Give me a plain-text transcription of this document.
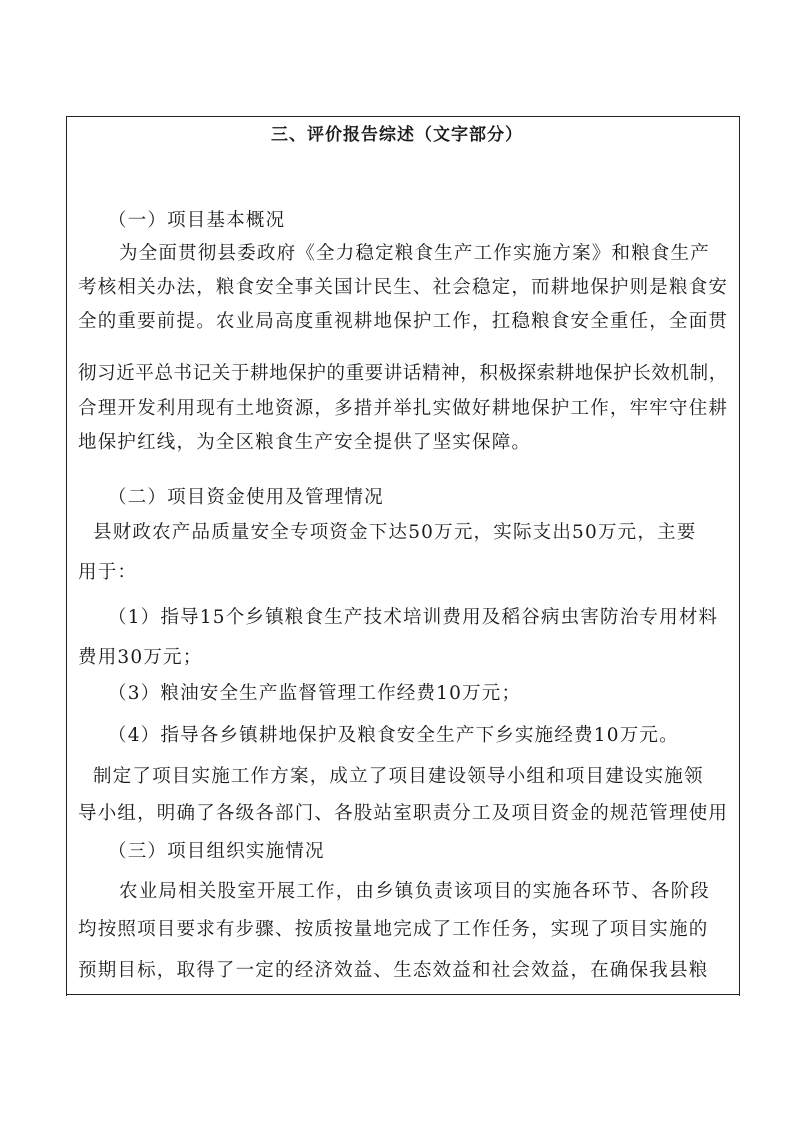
三、评价报告综述（文字部分）
（一）项目基本概况
为全面贯彻县委政府《全力稳定粮食生产工作实施方案》和粮食生产
考核相关办法，粮食安全事关国计民生、社会稳定，而耕地保护则是粮食安
全的重要前提。农业局高度重视耕地保护工作，扛稳粮食安全重任，全面贯
彻习近平总书记关于耕地保护的重要讲话精神，积极探索耕地保护长效机制，
合理开发利用现有土地资源，多措并举扎实做好耕地保护工作，牢牢守住耕
地保护红线，为全区粮食生产安全提供了坚实保障。
（二）项目资金使用及管理情况
县财政农产品质量安全专项资金下达50万元，实际支出50万元，主要
用于：
（1）指导15个乡镇粮食生产技术培训费用及稻谷病虫害防治专用材料
费用30万元；
（3）粮油安全生产监督管理工作经费10万元；
（4）指导各乡镇耕地保护及粮食安全生产下乡实施经费10万元。
制定了项目实施工作方案，成立了项目建设领导小组和项目建设实施领
导小组，明确了各级各部门、各股站室职责分工及项目资金的规范管理使用
（三）项目组织实施情况
农业局相关股室开展工作，由乡镇负责该项目的实施各环节、各阶段
均按照项目要求有步骤、按质按量地完成了工作任务，实现了项目实施的
预期目标，取得了一定的经济效益、生态效益和社会效益，在确保我县粮
